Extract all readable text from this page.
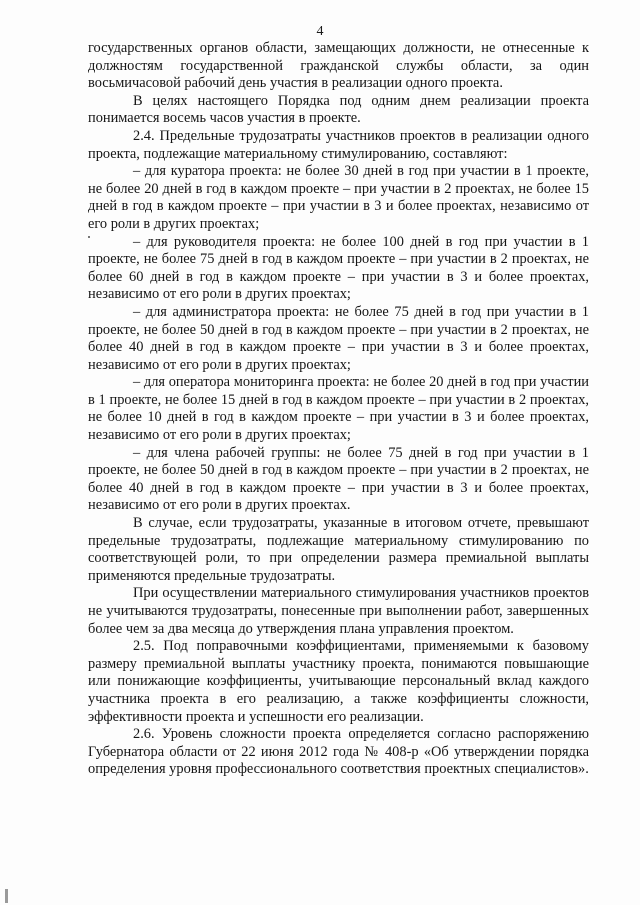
4

государственных органов области, замещающих должности, не отнесенные к должностям государственной гражданской службы области, за один восьмичасовой рабочий день участия в реализации одного проекта.

В целях настоящего Порядка под одним днем реализации проекта понимается восемь часов участия в проекте.

2.4. Предельные трудозатраты участников проектов в реализации одного проекта, подлежащие материальному стимулированию, составляют:

– для куратора проекта: не более 30 дней в год при участии в 1 проекте, не более 20 дней в год в каждом проекте – при участии в 2 проектах, не более 15 дней в год в каждом проекте – при участии в 3 и более проектах, независимо от его роли в других проектах;

– для руководителя проекта: не более 100 дней в год при участии в 1 проекте, не более 75 дней в год в каждом проекте – при участии в 2 проектах, не более 60 дней в год в каждом проекте – при участии в 3 и более проектах, независимо от его роли в других проектах;

– для администратора проекта: не более 75 дней в год при участии в 1 проекте, не более 50 дней в год в каждом проекте – при участии в 2 проектах, не более 40 дней в год в каждом проекте – при участии в 3 и более проектах, независимо от его роли в других проектах;

– для оператора мониторинга проекта: не более 20 дней в год при участии в 1 проекте, не более 15 дней в год в каждом проекте – при участии в 2 проектах, не более 10 дней в год в каждом проекте – при участии в 3 и более проектах, независимо от его роли в других проектах;

– для члена рабочей группы: не более 75 дней в год при участии в 1 проекте, не более 50 дней в год в каждом проекте – при участии в 2 проектах, не более 40 дней в год в каждом проекте – при участии в 3 и более проектах, независимо от его роли в других проектах.

В случае, если трудозатраты, указанные в итоговом отчете, превышают предельные трудозатраты, подлежащие материальному стимулированию по соответствующей роли, то при определении размера премиальной выплаты применяются предельные трудозатраты.

При осуществлении материального стимулирования участников проектов не учитываются трудозатраты, понесенные при выполнении работ, завершенных более чем за два месяца до утверждения плана управления проектом.

2.5. Под поправочными коэффициентами, применяемыми к базовому размеру премиальной выплаты участнику проекта, понимаются повышающие или понижающие коэффициенты, учитывающие персональный вклад каждого участника проекта в его реализацию, а также коэффициенты сложности, эффективности проекта и успешности его реализации.

2.6. Уровень сложности проекта определяется согласно распоряжению Губернатора области от 22 июня 2012 года № 408-р «Об утверждении порядка определения уровня профессионального соответствия проектных специалистов».
